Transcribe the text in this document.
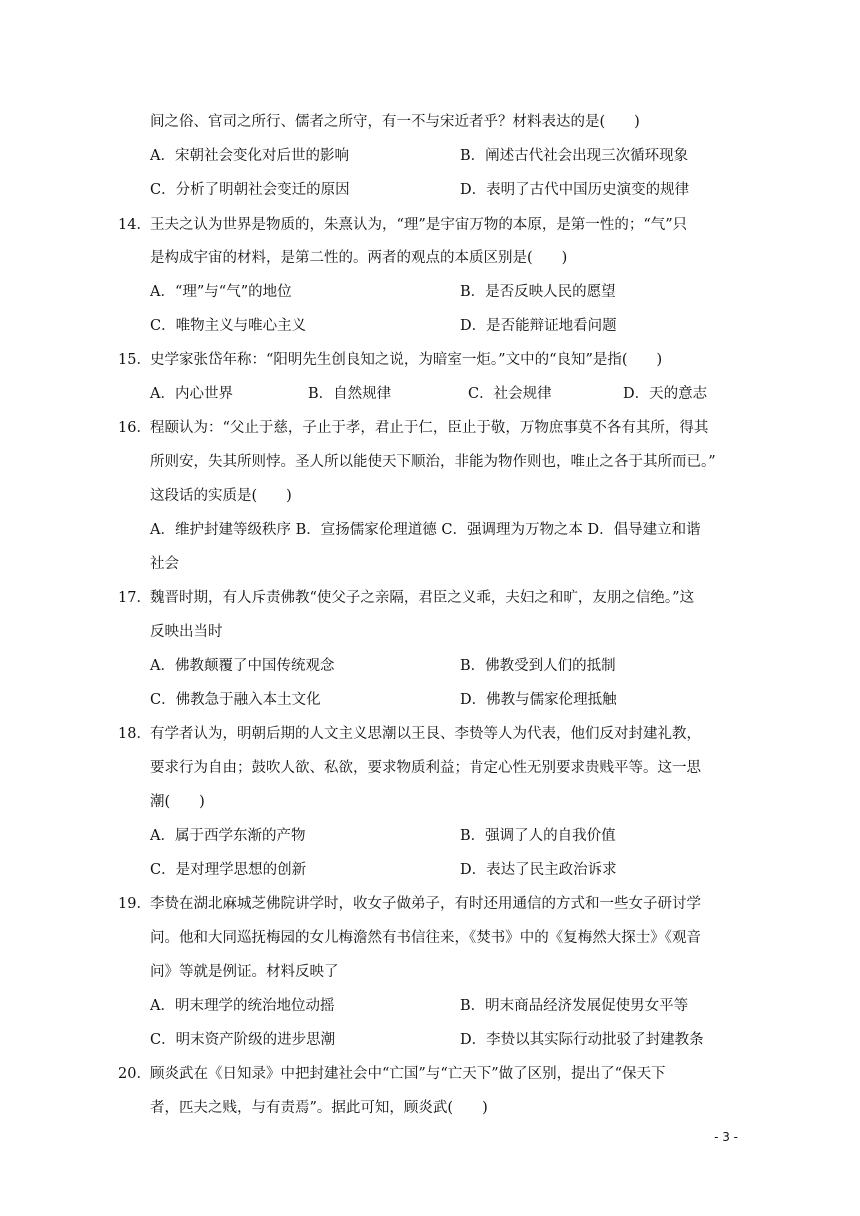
间之俗、官司之所行、儒者之所守，有一不与宋近者乎？材料表达的是(　　)
A．宋朝社会变化对后世的影响	B．阐述古代社会出现三次循环现象
C．分析了明朝社会变迁的原因	D．表明了古代中国历史演变的规律
14． 王夫之认为世界是物质的，朱熹认为，“理”是宇宙万物的本原，是第一性的；“气”只
是构成宇宙的材料，是第二性的。两者的观点的本质区别是(　　)
A．“理”与“气”的地位	B．是否反映人民的愿望
C．唯物主义与唯心主义	D．是否能辩证地看问题
15． 史学家张岱年称：“阳明先生创良知之说，为暗室一炬。”文中的“良知”是指(　　)
A．内心世界	B．自然规律	C．社会规律	D．天的意志
16． 程颐认为：“父止于慈，子止于孝，君止于仁，臣止于敬，万物庶事莫不各有其所，得其
所则安，失其所则悖。圣人所以能使天下顺治，非能为物作则也，唯止之各于其所而已。”
这段话的实质是(　　)
A．维护封建等级秩序 B．宣扬儒家伦理道德 C．强调理为万物之本 D．倡导建立和谐
社会
17． 魏晋时期，有人斥责佛教“使父子之亲隔，君臣之义乖，夫妇之和旷，友朋之信绝。”这
反映出当时
A．佛教颠覆了中国传统观念	B．佛教受到人们的抵制
C．佛教急于融入本土文化	D．佛教与儒家伦理抵触
18． 有学者认为，明朝后期的人文主义思潮以王艮、李贽等人为代表，他们反对封建礼教，
要求行为自由；鼓吹人欲、私欲，要求物质利益；肯定心性无别要求贵贱平等。这一思
潮(　　)
A．属于西学东渐的产物	B．强调了人的自我价值
C．是对理学思想的创新	D．表达了民主政治诉求
19． 李贽在湖北麻城芝佛院讲学时，收女子做弟子，有时还用通信的方式和一些女子研讨学
问。他和大同巡抚梅园的女儿梅澹然有书信往来，《焚书》中的《复梅然大探士》《观音
问》等就是例证。材料反映了
A．明末理学的统治地位动摇	B．明末商品经济发展促使男女平等
C．明末资产阶级的进步思潮	D．李贽以其实际行动批驳了封建教条
20． 顾炎武在《日知录》中把封建社会中“亡国”与“亡天下”做了区别，提出了“保天下
者，匹夫之贱，与有责焉”。据此可知，顾炎武(　　)
- 3 -
